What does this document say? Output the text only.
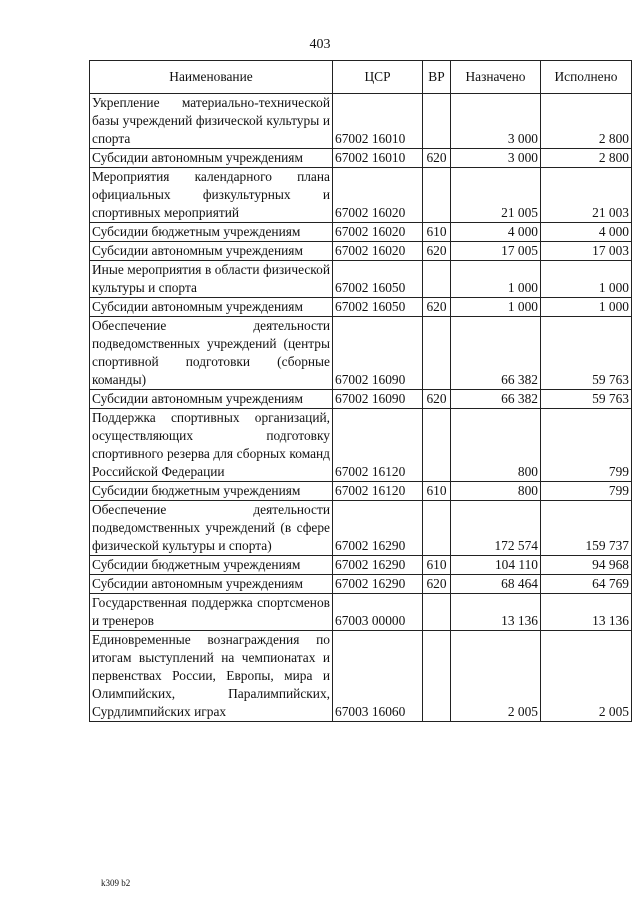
403
Наименование	ЦСР	ВР	Назначено	Исполнено
Укрепление материально-технической базы учреждений физической культуры и спорта	67002 16010		3 000	2 800
Субсидии автономным учреждениям	67002 16010	620	3 000	2 800
Мероприятия календарного плана официальных физкультурных и спортивных мероприятий	67002 16020		21 005	21 003
Субсидии бюджетным учреждениям	67002 16020	610	4 000	4 000
Субсидии автономным учреждениям	67002 16020	620	17 005	17 003
Иные мероприятия в области физической культуры и спорта	67002 16050		1 000	1 000
Субсидии автономным учреждениям	67002 16050	620	1 000	1 000
Обеспечение деятельности подведомственных учреждений (центры спортивной подготовки (сборные команды)	67002 16090		66 382	59 763
Субсидии автономным учреждениям	67002 16090	620	66 382	59 763
Поддержка спортивных организаций, осуществляющих подготовку спортивного резерва для сборных команд Российской Федерации	67002 16120		800	799
Субсидии бюджетным учреждениям	67002 16120	610	800	799
Обеспечение деятельности подведомственных учреждений (в сфере физической культуры и спорта)	67002 16290		172 574	159 737
Субсидии бюджетным учреждениям	67002 16290	610	104 110	94 968
Субсидии автономным учреждениям	67002 16290	620	68 464	64 769
Государственная поддержка спортсменов и тренеров	67003 00000		13 136	13 136
Единовременные вознаграждения по итогам выступлений на чемпионатах и первенствах России, Европы, мира и Олимпийских, Паралимпийских, Сурдлимпийских играх	67003 16060		2 005	2 005
k309 b2
